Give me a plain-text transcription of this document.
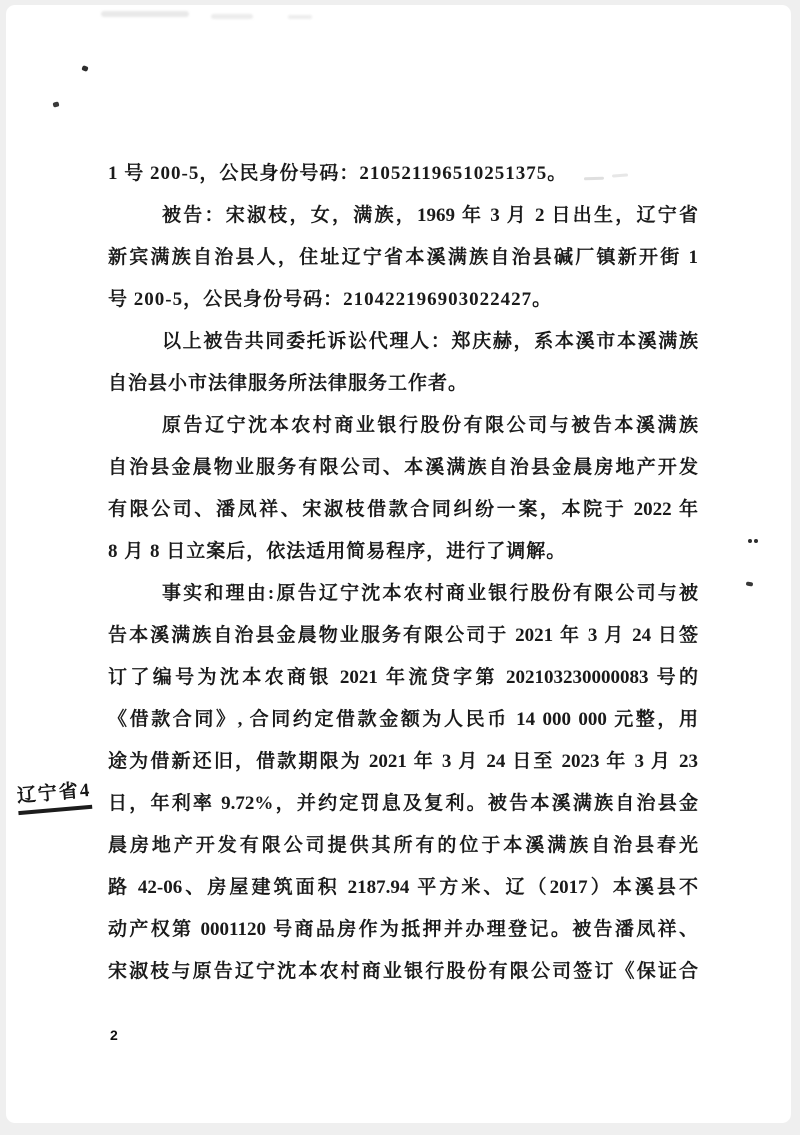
1 号 200-5，公民身份号码：210521196510251375。
被告：宋淑枝，女，满族，1969 年 3 月 2 日出生，辽宁省
新宾满族自治县人，住址辽宁省本溪满族自治县碱厂镇新开街 1
号 200-5，公民身份号码：210422196903022427。
以上被告共同委托诉讼代理人：郑庆赫，系本溪市本溪满族
自治县小市法律服务所法律服务工作者。
原告辽宁沈本农村商业银行股份有限公司与被告本溪满族
自治县金晨物业服务有限公司、本溪满族自治县金晨房地产开发
有限公司、潘凤祥、宋淑枝借款合同纠纷一案，本院于 2022 年
8 月 8 日立案后，依法适用简易程序，进行了调解。
事实和理由:原告辽宁沈本农村商业银行股份有限公司与被
告本溪满族自治县金晨物业服务有限公司于 2021 年 3 月 24 日签
订了编号为沈本农商银 2021 年流贷字第 202103230000083 号的
《借款合同》, 合同约定借款金额为人民币 14 000 000 元整，用
途为借新还旧，借款期限为 2021 年 3 月 24 日至 2023 年 3 月 23
日，年利率 9.72%，并约定罚息及复利。被告本溪满族自治县金
晨房地产开发有限公司提供其所有的位于本溪满族自治县春光
路 42-06、房屋建筑面积 2187.94 平方米、辽（2017）本溪县不
动产权第 0001120 号商品房作为抵押并办理登记。被告潘凤祥、
宋淑枝与原告辽宁沈本农村商业银行股份有限公司签订《保证合
辽宁省4
2
